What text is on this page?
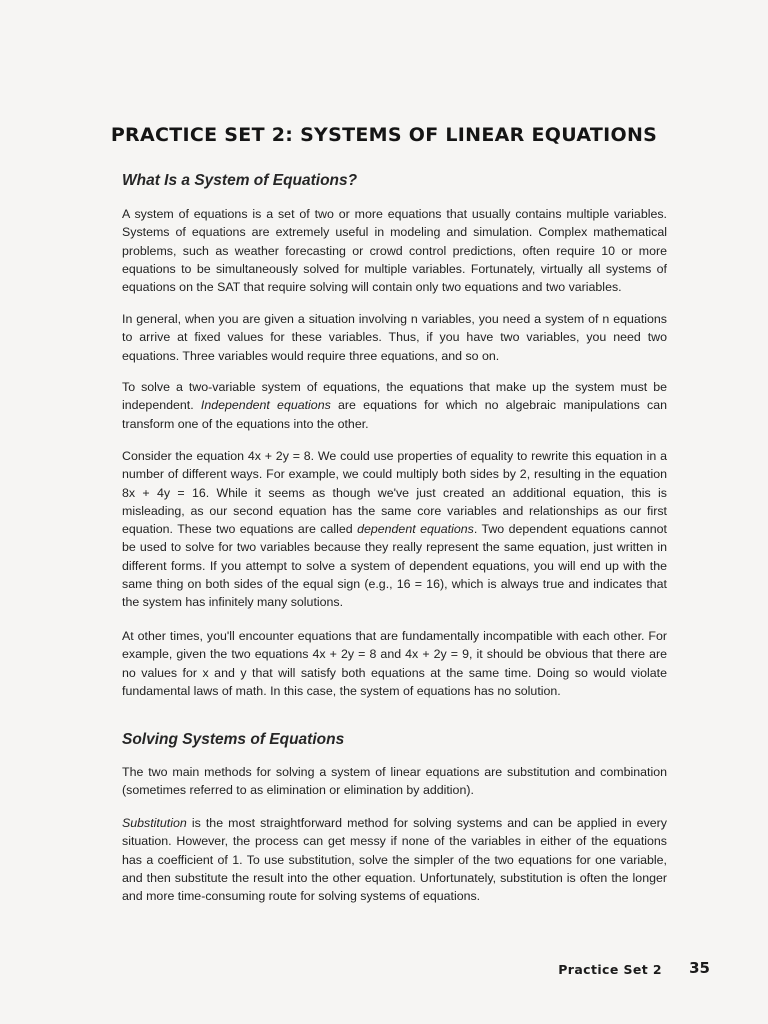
PRACTICE SET 2: SYSTEMS OF LINEAR EQUATIONS
What Is a System of Equations?

A system of equations is a set of two or more equations that usually contains multiple variables. Systems of equations are extremely useful in modeling and simulation. Complex mathematical problems, such as weather forecasting or crowd control predictions, often require 10 or more equations to be simultaneously solved for multiple variables. Fortunately, virtually all systems of equations on the SAT that require solving will contain only two equations and two variables.

In general, when you are given a situation involving n variables, you need a system of n equations to arrive at fixed values for these variables. Thus, if you have two variables, you need two equations. Three variables would require three equations, and so on.

To solve a two-variable system of equations, the equations that make up the system must be independent. Independent equations are equations for which no algebraic manipulations can transform one of the equations into the other.

Consider the equation 4x + 2y = 8. We could use properties of equality to rewrite this equation in a number of different ways. For example, we could multiply both sides by 2, resulting in the equation 8x + 4y = 16. While it seems as though we've just created an additional equation, this is misleading, as our second equation has the same core variables and relationships as our first equation. These two equations are called dependent equations. Two dependent equations cannot be used to solve for two variables because they really represent the same equation, just written in different forms. If you attempt to solve a system of dependent equations, you will end up with the same thing on both sides of the equal sign (e.g., 16 = 16), which is always true and indicates that the system has infinitely many solutions.

At other times, you'll encounter equations that are fundamentally incompatible with each other. For example, given the two equations 4x + 2y = 8 and 4x + 2y = 9, it should be obvious that there are no values for x and y that will satisfy both equations at the same time. Doing so would violate fundamental laws of math. In this case, the system of equations has no solution.

Solving Systems of Equations

The two main methods for solving a system of linear equations are substitution and combination (sometimes referred to as elimination or elimination by addition).

Substitution is the most straightforward method for solving systems and can be applied in every situation. However, the process can get messy if none of the variables in either of the equations has a coefficient of 1. To use substitution, solve the simpler of the two equations for one variable, and then substitute the result into the other equation. Unfortunately, substitution is often the longer and more time-consuming route for solving systems of equations.

Practice Set 2 35
